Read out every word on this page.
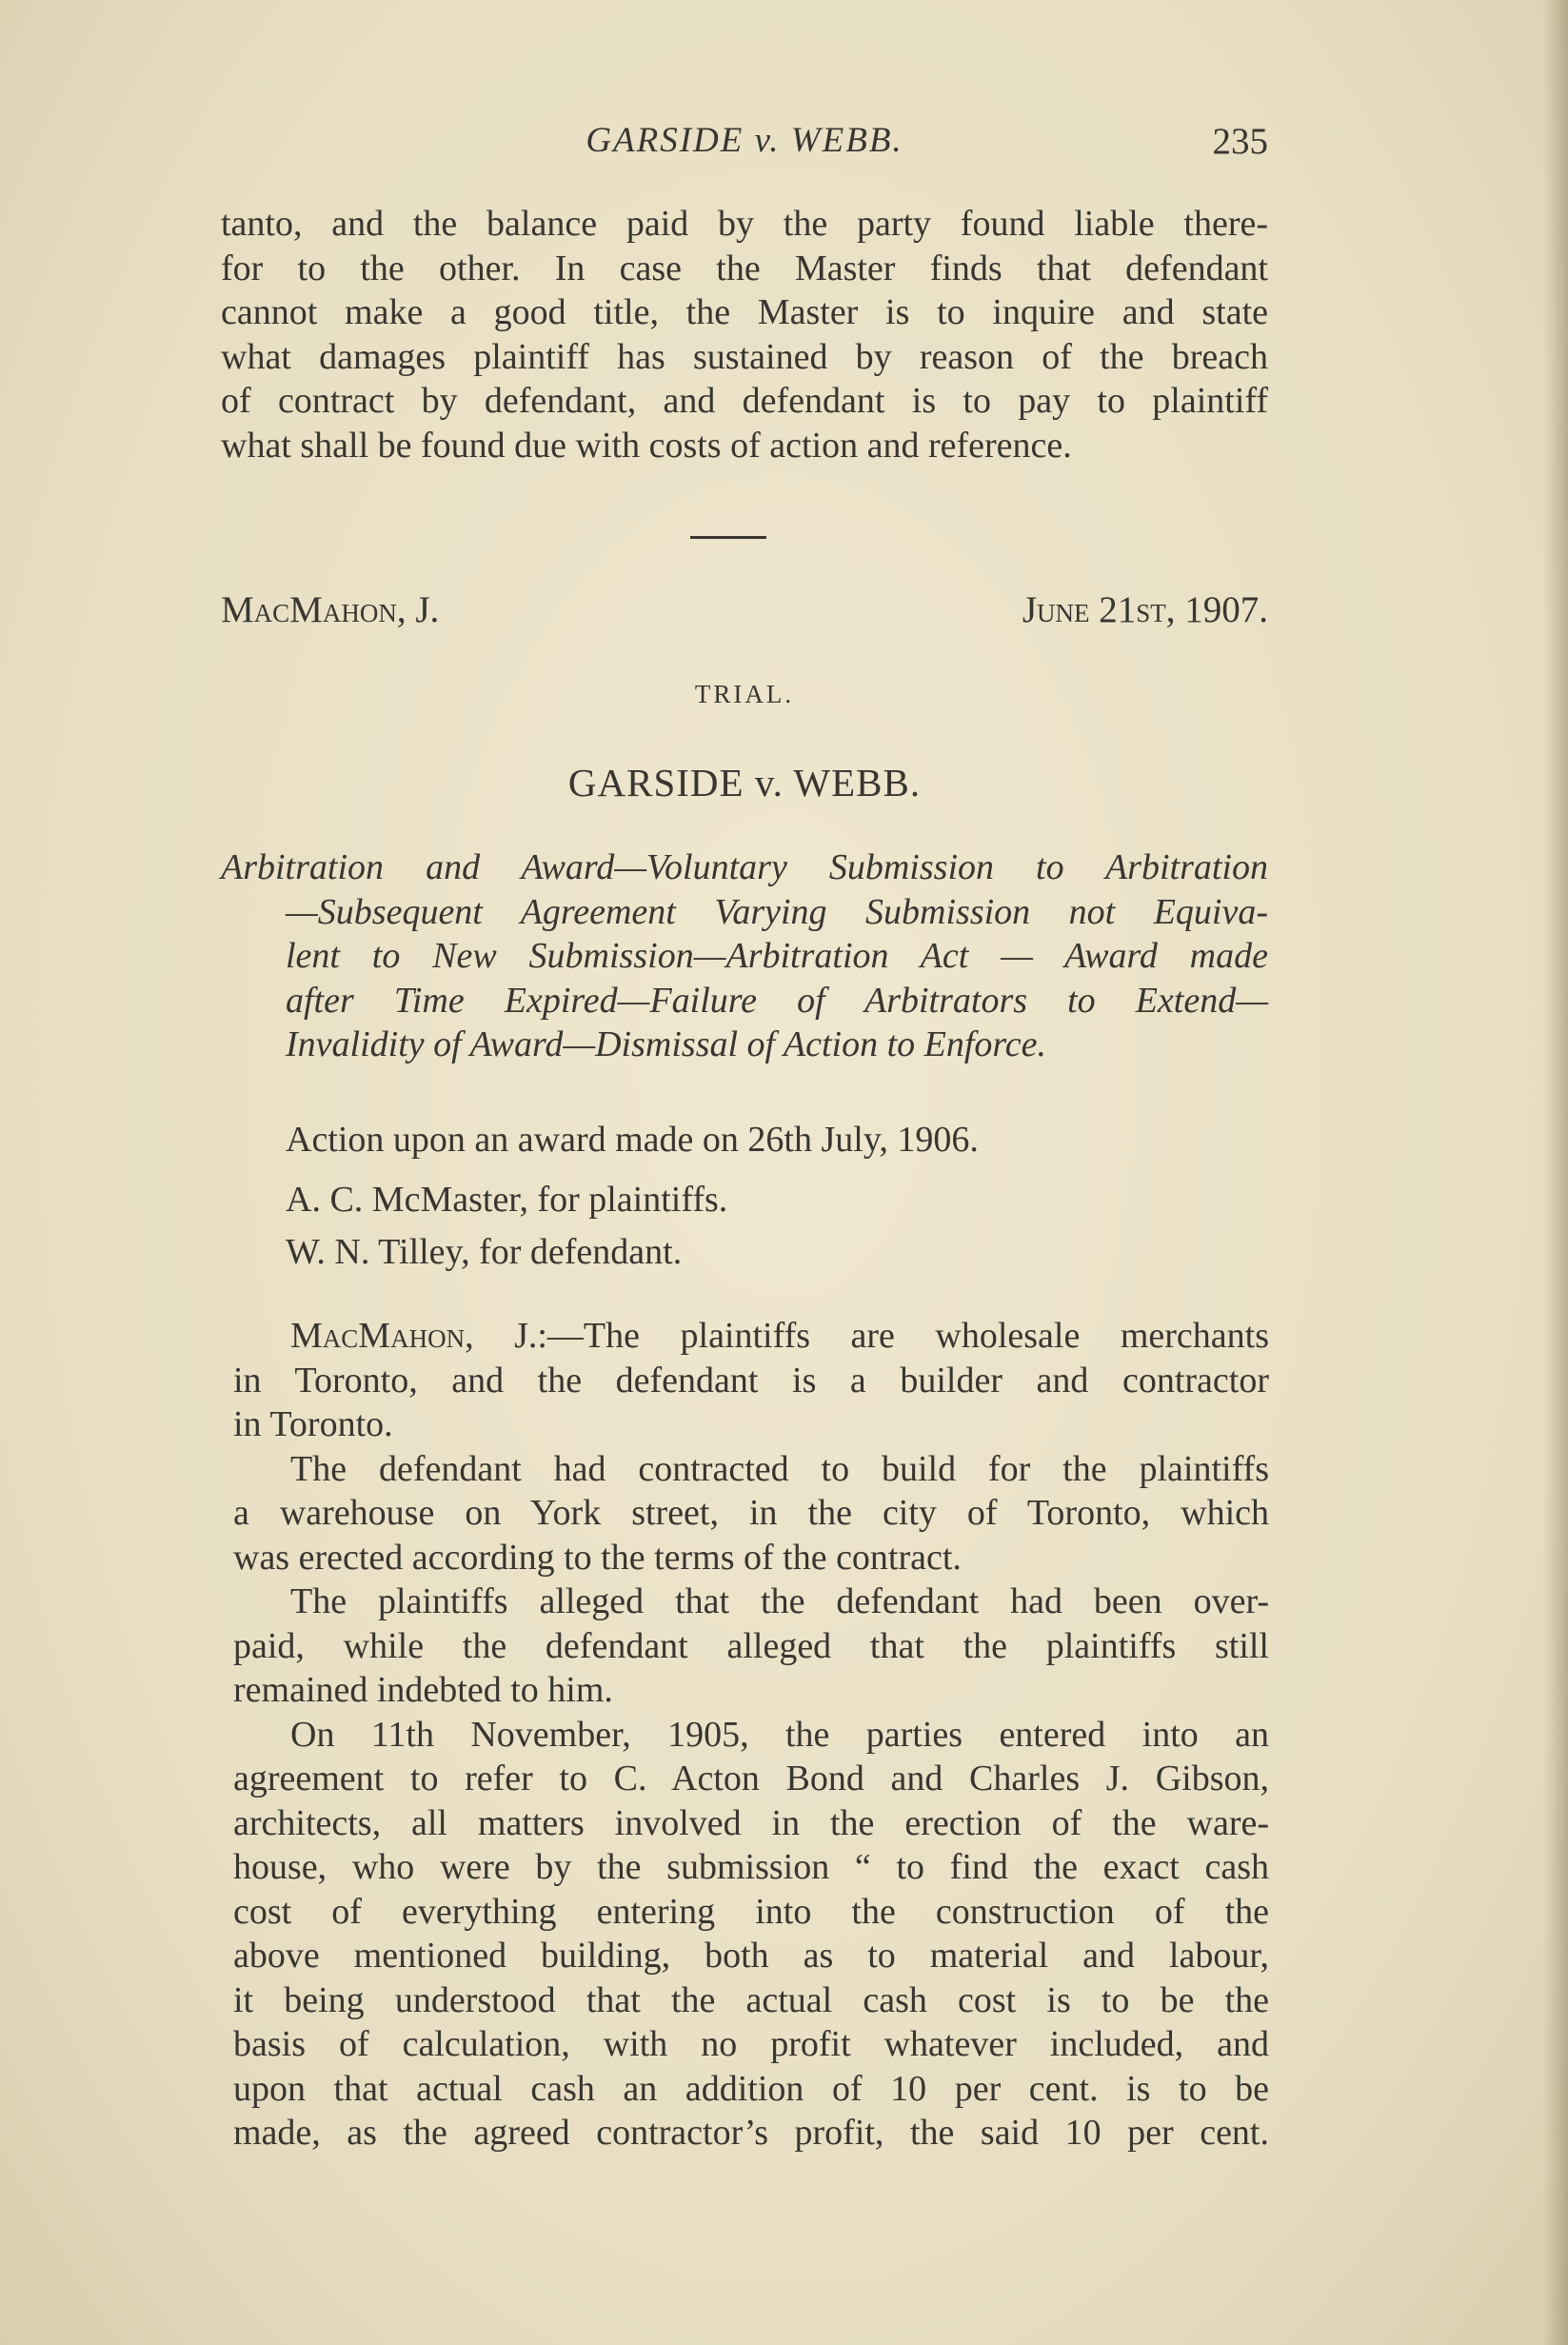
GARSIDE v. WEBB.	235

tanto, and the balance paid by the party found liable there-
for to the other. In case the Master finds that defendant
cannot make a good title, the Master is to inquire and state
what damages plaintiff has sustained by reason of the breach
of contract by defendant, and defendant is to pay to plaintiff
what shall be found due with costs of action and reference.

MacMahon, J.	June 21st, 1907.
TRIAL.
GARSIDE v. WEBB.
Arbitration and Award—Voluntary Submission to Arbitration
—Subsequent Agreement Varying Submission not Equiva-
lent to New Submission—Arbitration Act — Award made
after Time Expired—Failure of Arbitrators to Extend—
Invalidity of Award—Dismissal of Action to Enforce.
Action upon an award made on 26th July, 1906.
A. C. McMaster, for plaintiffs.
W. N. Tilley, for defendant.

MacMahon, J.:—The plaintiffs are wholesale merchants
in Toronto, and the defendant is a builder and contractor
in Toronto.
The defendant had contracted to build for the plaintiffs
a warehouse on York street, in the city of Toronto, which
was erected according to the terms of the contract.
The plaintiffs alleged that the defendant had been over-
paid, while the defendant alleged that the plaintiffs still
remained indebted to him.
On 11th November, 1905, the parties entered into an
agreement to refer to C. Acton Bond and Charles J. Gibson,
architects, all matters involved in the erection of the ware-
house, who were by the submission “ to find the exact cash
cost of everything entering into the construction of the
above mentioned building, both as to material and labour,
it being understood that the actual cash cost is to be the
basis of calculation, with no profit whatever included, and
upon that actual cash an addition of 10 per cent. is to be
made, as the agreed contractor’s profit, the said 10 per cent.
